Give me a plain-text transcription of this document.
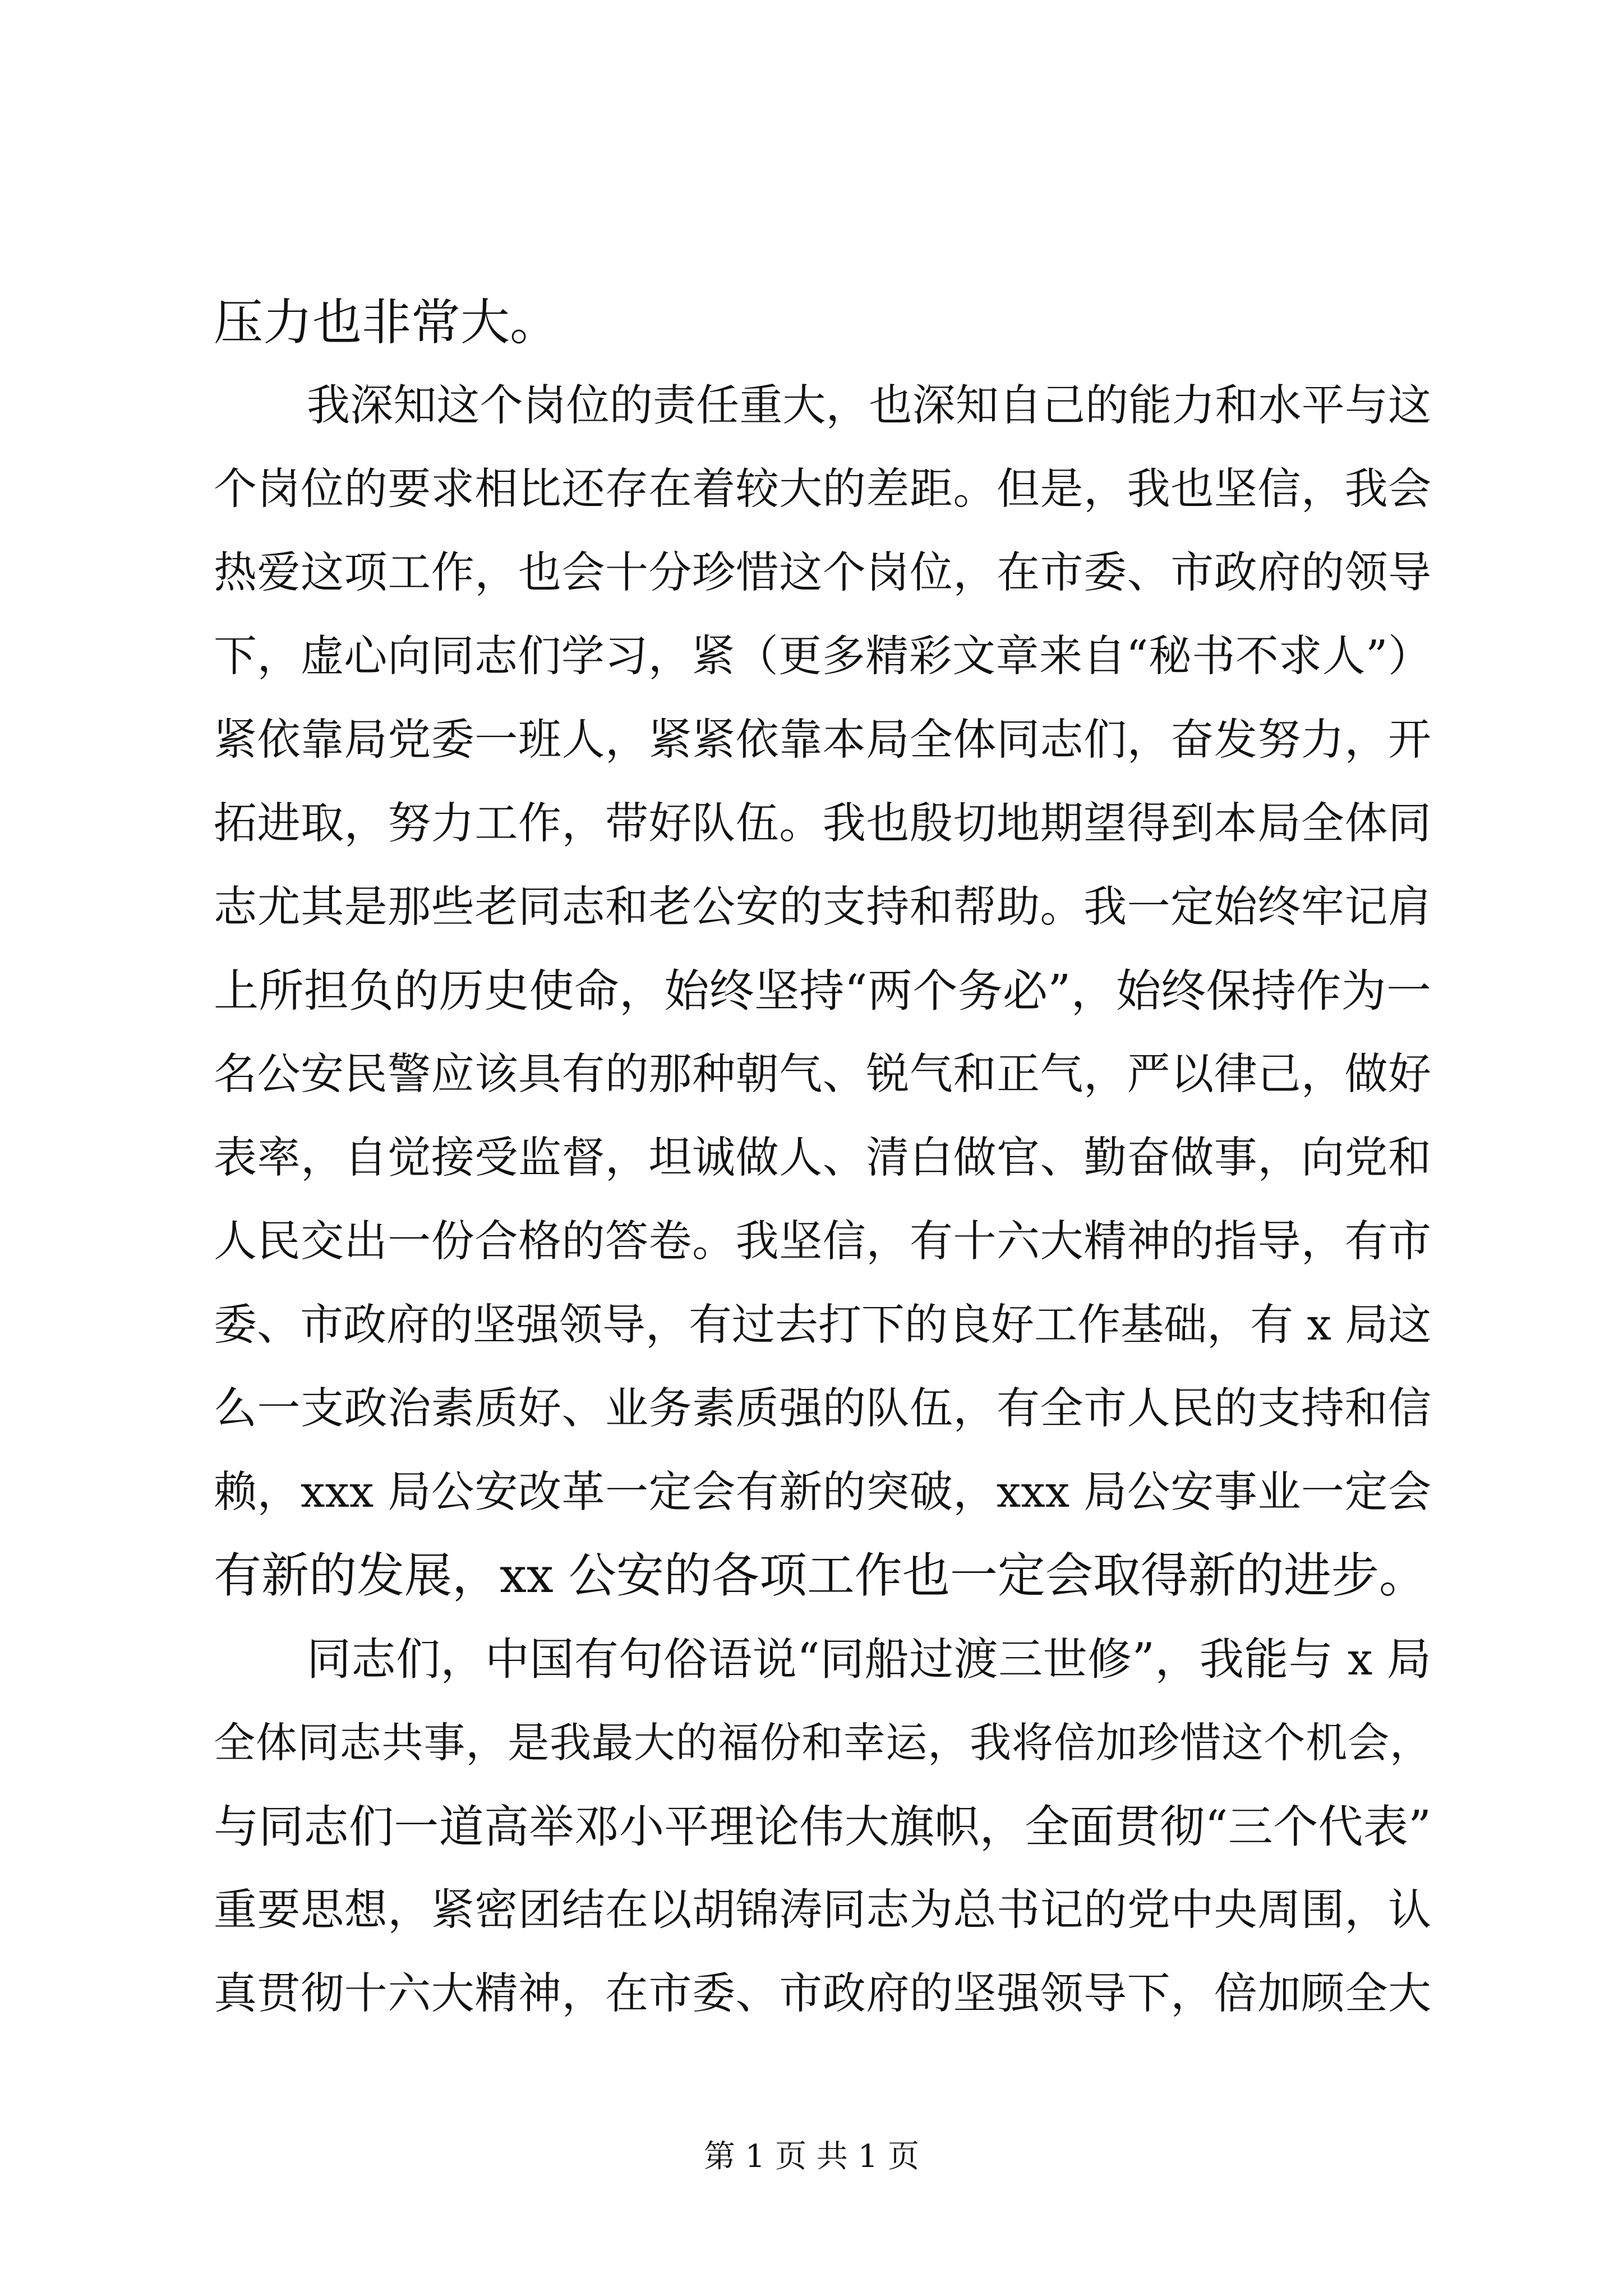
压力也非常大。
我深知这个岗位的责任重大，也深知自己的能力和水平与这
个岗位的要求相比还存在着较大的差距。但是，我也坚信，我会
热爱这项工作，也会十分珍惜这个岗位，在市委、市政府的领导
下，虚心向同志们学习，紧（更多精彩文章来自“秘书不求人”）
紧依靠局党委一班人，紧紧依靠本局全体同志们，奋发努力，开
拓进取，努力工作，带好队伍。我也殷切地期望得到本局全体同
志尤其是那些老同志和老公安的支持和帮助。我一定始终牢记肩
上所担负的历史使命，始终坚持“两个务必”，始终保持作为一
名公安民警应该具有的那种朝气、锐气和正气，严以律己，做好
表率，自觉接受监督，坦诚做人、清白做官、勤奋做事，向党和
人民交出一份合格的答卷。我坚信，有十六大精神的指导，有市
委、市政府的坚强领导，有过去打下的良好工作基础，有 x 局这
么一支政治素质好、业务素质强的队伍，有全市人民的支持和信
赖，xxx 局公安改革一定会有新的突破，xxx 局公安事业一定会
有新的发展，xx 公安的各项工作也一定会取得新的进步。
同志们，中国有句俗语说“同船过渡三世修”，我能与 x 局
全体同志共事，是我最大的福份和幸运，我将倍加珍惜这个机会，
与同志们一道高举邓小平理论伟大旗帜，全面贯彻“三个代表”
重要思想，紧密团结在以胡锦涛同志为总书记的党中央周围，认
真贯彻十六大精神，在市委、市政府的坚强领导下，倍加顾全大
第 1 页 共 1 页
